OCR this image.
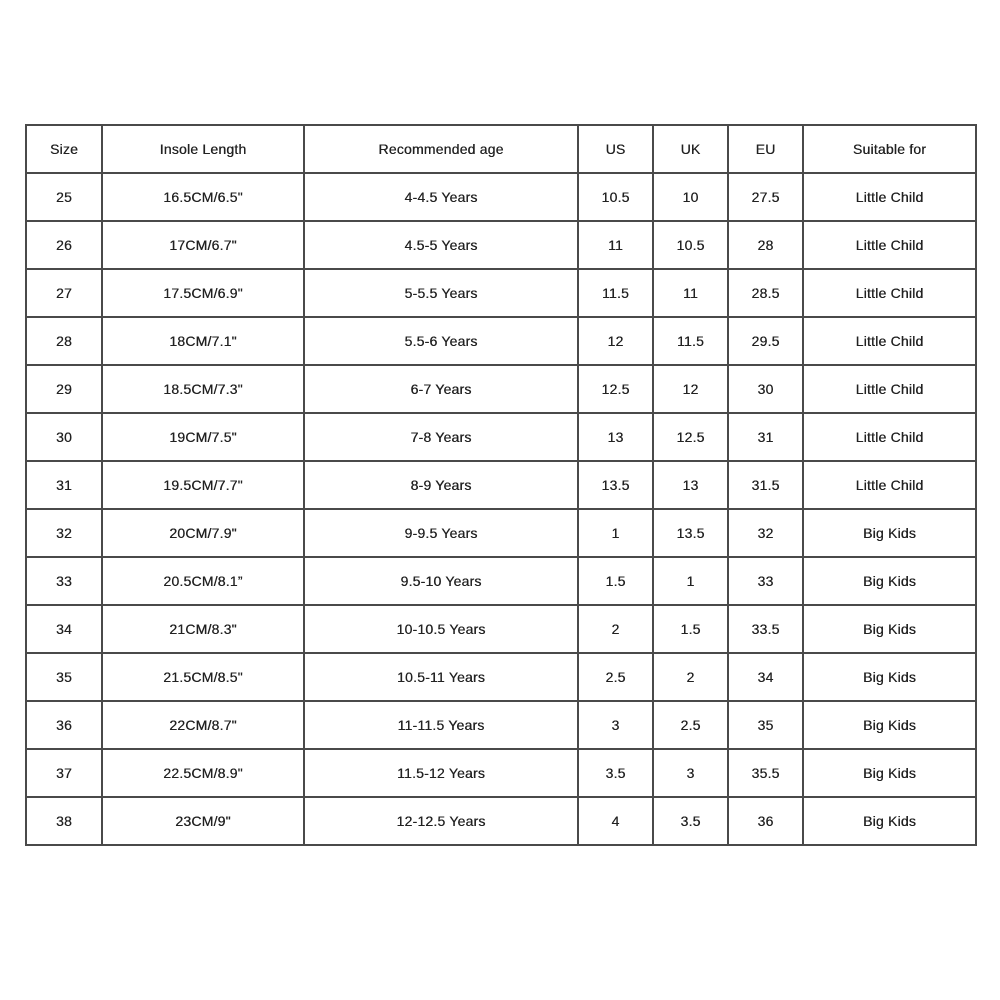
Size	Insole Length	Recommended age	US	UK	EU	Suitable for
25	16.5CM/6.5"	4-4.5 Years	10.5	10	27.5	Little Child
26	17CM/6.7"	4.5-5 Years	11	10.5	28	Little Child
27	17.5CM/6.9"	5-5.5 Years	11.5	11	28.5	Little Child
28	18CM/7.1"	5.5-6 Years	12	11.5	29.5	Little Child
29	18.5CM/7.3"	6-7 Years	12.5	12	30	Little Child
30	19CM/7.5"	7-8 Years	13	12.5	31	Little Child
31	19.5CM/7.7"	8-9 Years	13.5	13	31.5	Little Child
32	20CM/7.9"	9-9.5 Years	1	13.5	32	Big Kids
33	20.5CM/8.1”	9.5-10 Years	1.5	1	33	Big Kids
34	21CM/8.3"	10-10.5 Years	2	1.5	33.5	Big Kids
35	21.5CM/8.5"	10.5-11 Years	2.5	2	34	Big Kids
36	22CM/8.7"	11-11.5 Years	3	2.5	35	Big Kids
37	22.5CM/8.9"	11.5-12 Years	3.5	3	35.5	Big Kids
38	23CM/9"	12-12.5 Years	4	3.5	36	Big Kids
